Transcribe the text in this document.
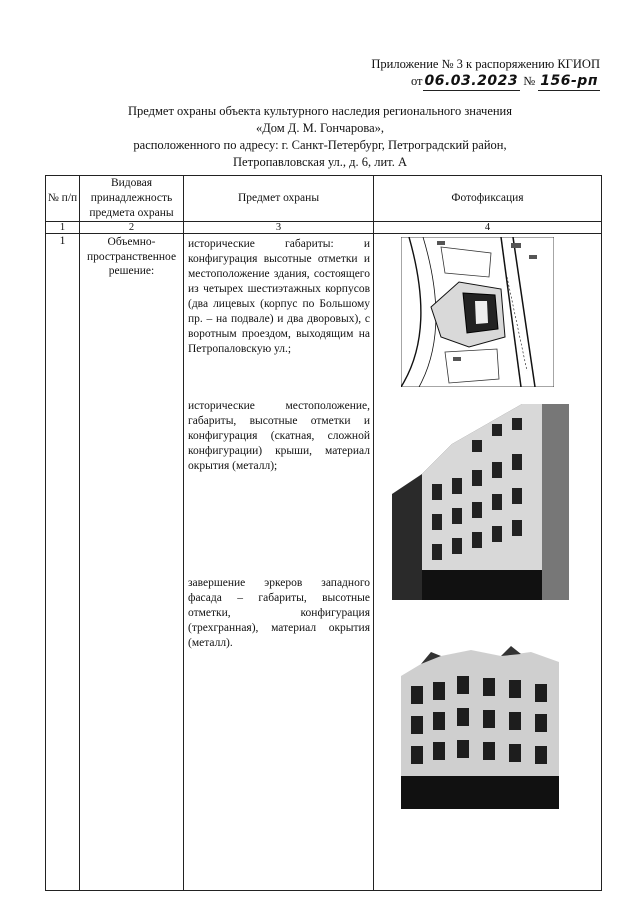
Приложение № 3 к распоряжению КГИОП
от 06.03.2023 № 156-рп
Предмет охраны объекта культурного наследия регионального значения
«Дом Д. М. Гончарова»,
расположенного по адресу: г. Санкт-Петербург, Петроградский район,
Петропавловская ул., д. 6, лит. А
№ п/п	Видовая принадлежность предмета охраны	Предмет охраны	Фотофиксация
1	2	3	4
1	Объемно-пространственное решение:	исторические габариты: и конфигурация высотные отметки и местоположение здания, состоящего из четырех шестиэтажных корпусов (два лицевых (корпус по Большому пр. – на подвале) и два дворовых), с воротным проездом, выходящим на Петропаловскую ул.;

исторические местоположение, габариты, высотные отметки и конфигурация (скатная, сложной конфигурации) крыши, материал окрытия (металл);

завершение эркеров западного фасада – габариты, высотные отметки, конфигурация (трехгранная), материал окрытия (металл).
